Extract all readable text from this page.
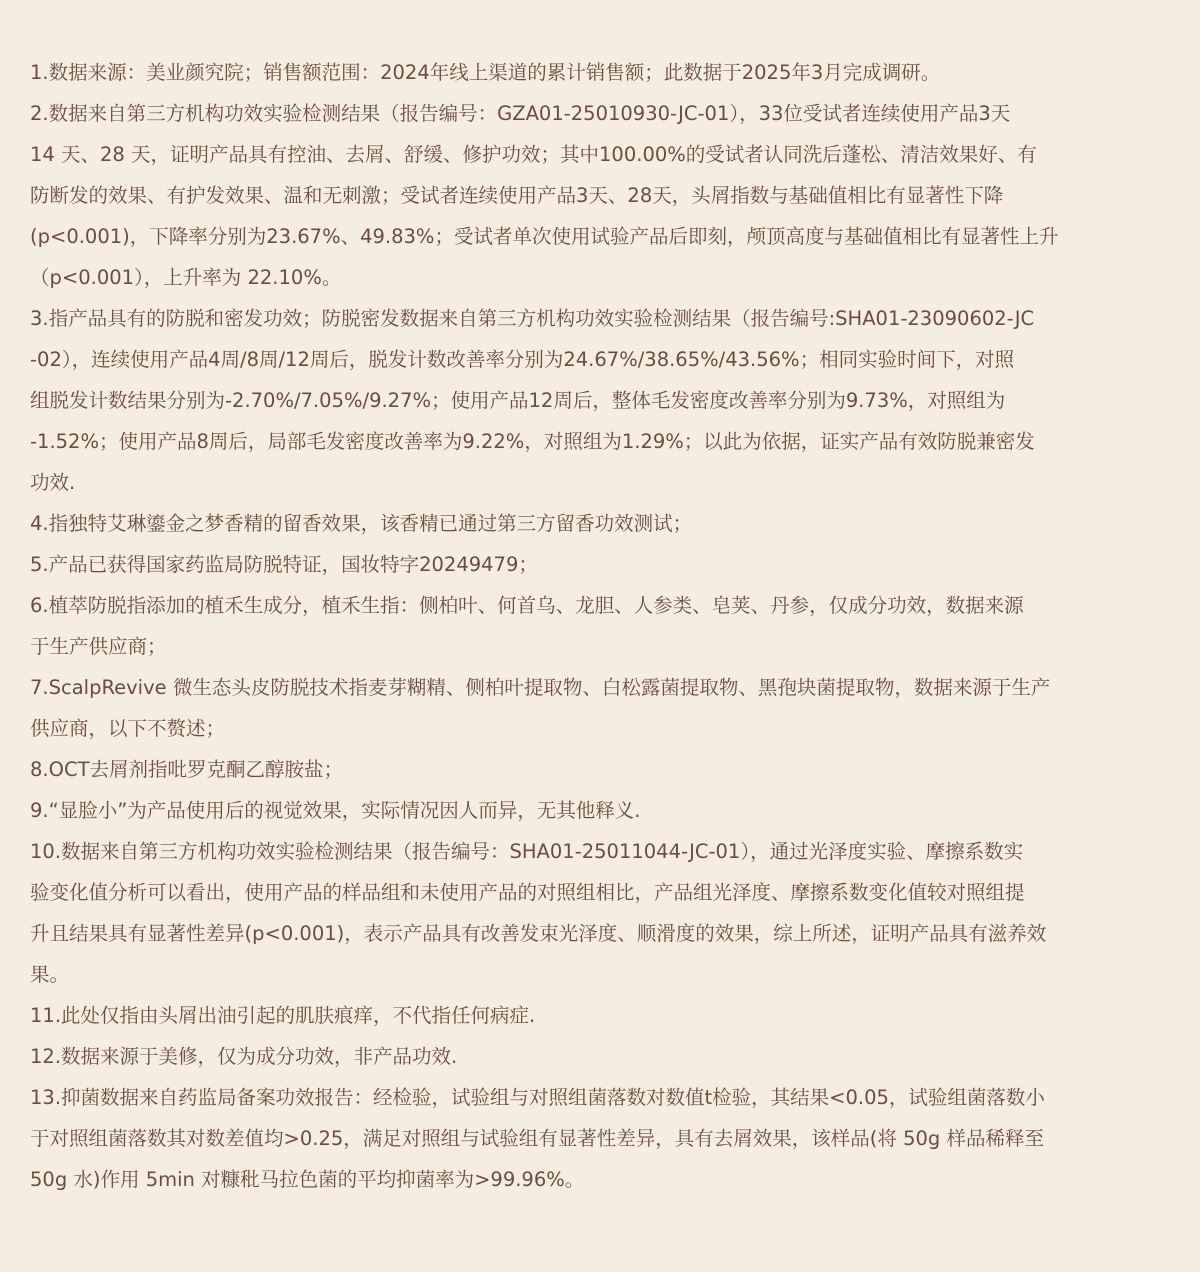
1.数据来源：美业颜究院；销售额范围：2024年线上渠道的累计销售额；此数据于2025年3月完成调研。
2.数据来自第三方机构功效实验检测结果（报告编号：GZA01-25010930-JC-01），33位受试者连续使用产品3天
14 天、28 天，证明产品具有控油、去屑、舒缓、修护功效；其中100.00%的受试者认同洗后蓬松、清洁效果好、有
防断发的效果、有护发效果、温和无刺激；受试者连续使用产品3天、28天，头屑指数与基础值相比有显著性下降
(p<0.001)，下降率分别为23.67%、49.83%；受试者单次使用试验产品后即刻，颅顶高度与基础值相比有显著性上升
（p<0.001），上升率为 22.10%。
3.指产品具有的防脱和密发功效；防脱密发数据来自第三方机构功效实验检测结果（报告编号:SHA01-23090602-JC
-02），连续使用产品4周/8周/12周后，脱发计数改善率分别为24.67%/38.65%/43.56%；相同实验时间下，对照
组脱发计数结果分别为-2.70%/7.05%/9.27%；使用产品12周后，整体毛发密度改善率分别为9.73%，对照组为
-1.52%；使用产品8周后，局部毛发密度改善率为9.22%，对照组为1.29%；以此为依据，证实产品有效防脱兼密发
功效.
4.指独特艾琳鎏金之梦香精的留香效果，该香精已通过第三方留香功效测试；
5.产品已获得国家药监局防脱特证，国妆特字20249479；
6.植萃防脱指添加的植禾生成分，植禾生指：侧柏叶、何首乌、龙胆、人参类、皂荚、丹参，仅成分功效，数据来源
于生产供应商；
7.ScalpRevive 微生态头皮防脱技术指麦芽糊精、侧柏叶提取物、白松露菌提取物、黑孢块菌提取物，数据来源于生产
供应商，以下不赘述；
8.OCT去屑剂指吡罗克酮乙醇胺盐；
9.“显脸小”为产品使用后的视觉效果，实际情况因人而异，无其他释义.
10.数据来自第三方机构功效实验检测结果（报告编号：SHA01-25011044-JC-01），通过光泽度实验、摩擦系数实
验变化值分析可以看出，使用产品的样品组和未使用产品的对照组相比，产品组光泽度、摩擦系数变化值较对照组提
升且结果具有显著性差异(p<0.001)，表示产品具有改善发束光泽度、顺滑度的效果，综上所述，证明产品具有滋养效
果。
11.此处仅指由头屑出油引起的肌肤痕痒，不代指任何病症.
12.数据来源于美修，仅为成分功效，非产品功效.
13.抑菌数据来自药监局备案功效报告：经检验，试验组与对照组菌落数对数值t检验，其结果<0.05，试验组菌落数小
于对照组菌落数其对数差值均>0.25，满足对照组与试验组有显著性差异，具有去屑效果，该样品(将 50g 样品稀释至
50g 水)作用 5min 对糠秕马拉色菌的平均抑菌率为>99.96%。
